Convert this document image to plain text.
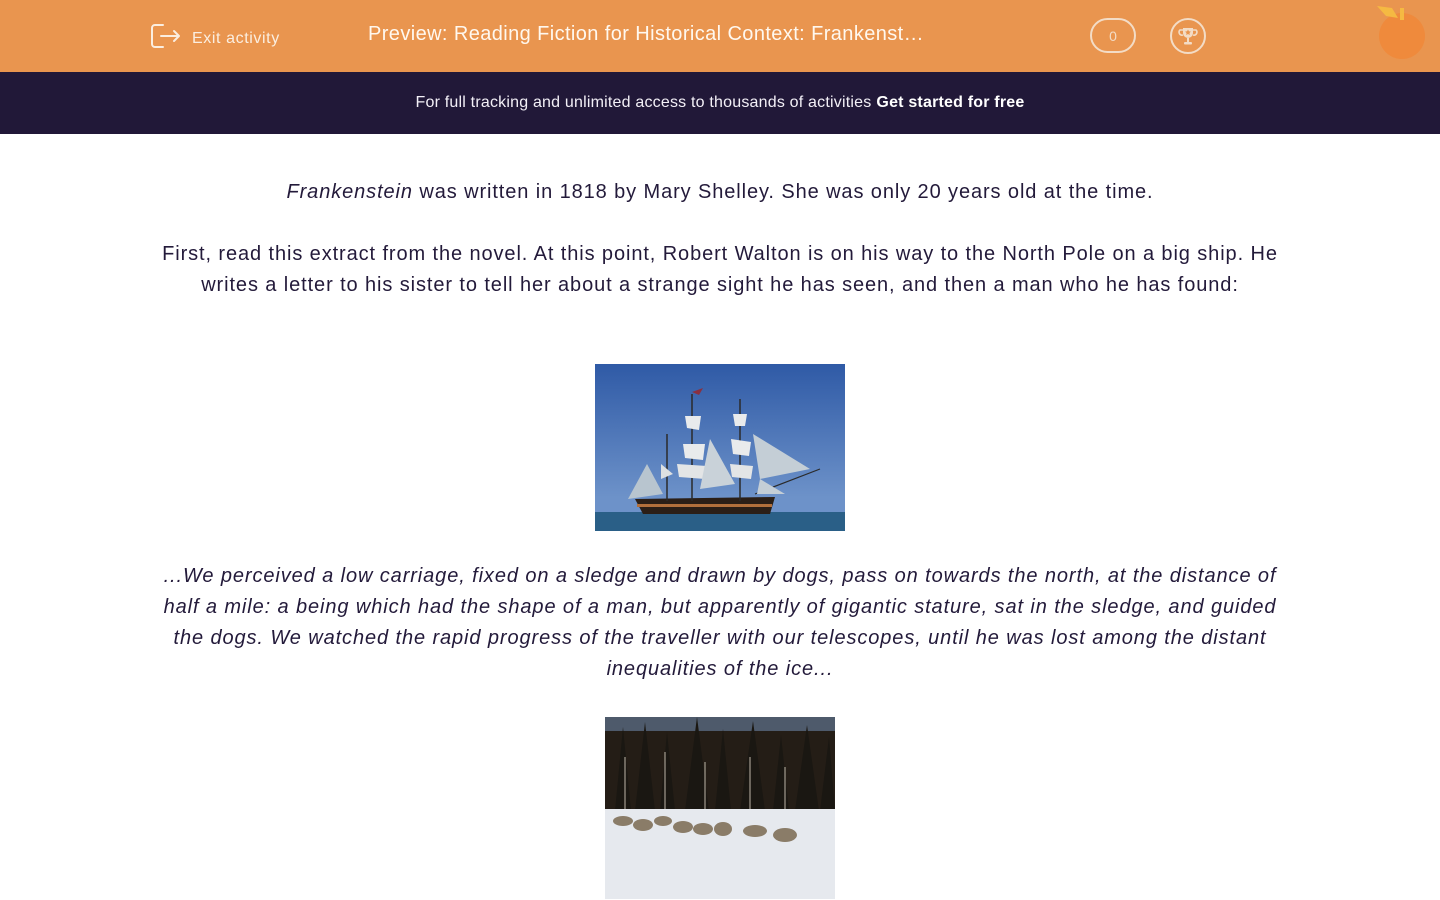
Exit activity	Preview: Reading Fiction for Historical Context: Frankenst…	0
For full tracking and unlimited access to thousands of activities Get started for free

Frankenstein was written in 1818 by Mary Shelley. She was only 20 years old at the time.

First, read this extract from the novel. At this point, Robert Walton is on his way to the North Pole on a big ship. He writes a letter to his sister to tell her about a strange sight he has seen, and then a man who he has found:

...We perceived a low carriage, fixed on a sledge and drawn by dogs, pass on towards the north, at the distance of half a mile: a being which had the shape of a man, but apparently of gigantic stature, sat in the sledge, and guided the dogs. We watched the rapid progress of the traveller with our telescopes, until he was lost among the distant inequalities of the ice...
